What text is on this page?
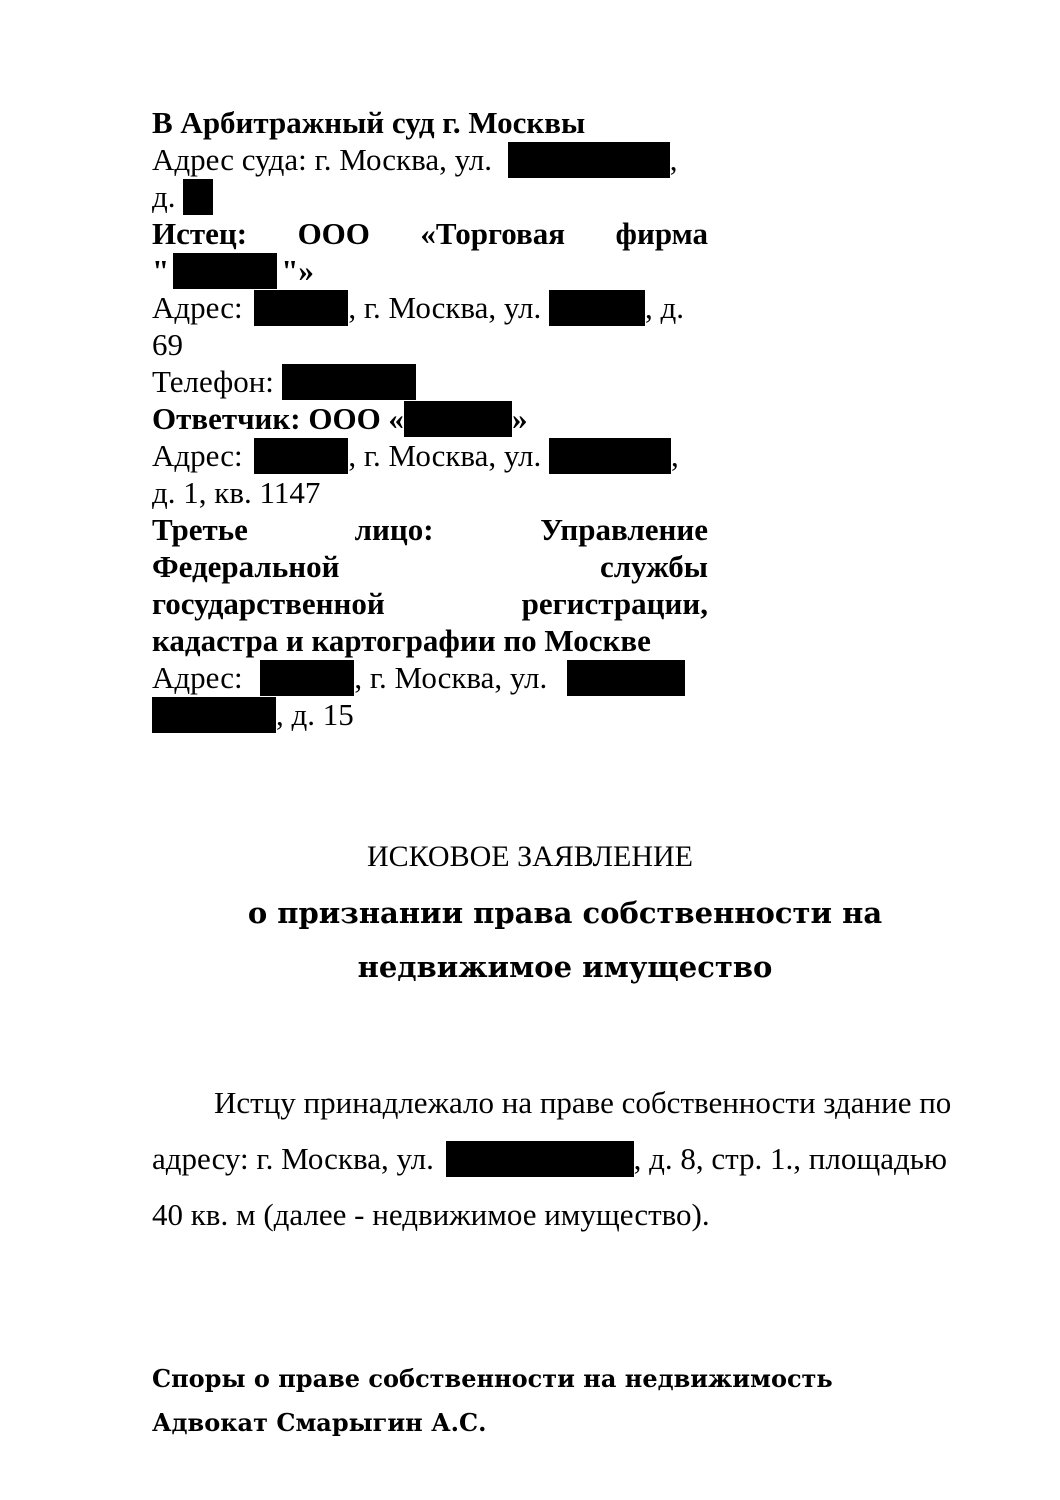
В Арбитражный суд г. Москвы
Адрес суда: г. Москва, ул.	,
д.
Истец: ООО «Торговая фирма
"	"»
Адрес:	, г. Москва, ул.	, д.
69
Телефон:
Ответчик: ООО «	»
Адрес:	, г. Москва, ул.	,
д. 1, кв. 1147
Третье	лицо:	Управление
Федеральной	службы
государственной	регистрации,
кадастра и картографии по Москве
Адрес:	, г. Москва, ул.
, д. 15
ИСКОВОЕ ЗАЯВЛЕНИЕ
о признании права собственности на
недвижимое имущество
Истцу принадлежало на праве собственности здание по
адресу: г. Москва, ул.	, д. 8, стр. 1., площадью
40 кв. м (далее - недвижимое имущество).
Споры о праве собственности на недвижимость
Адвокат Смарыгин А.С.
